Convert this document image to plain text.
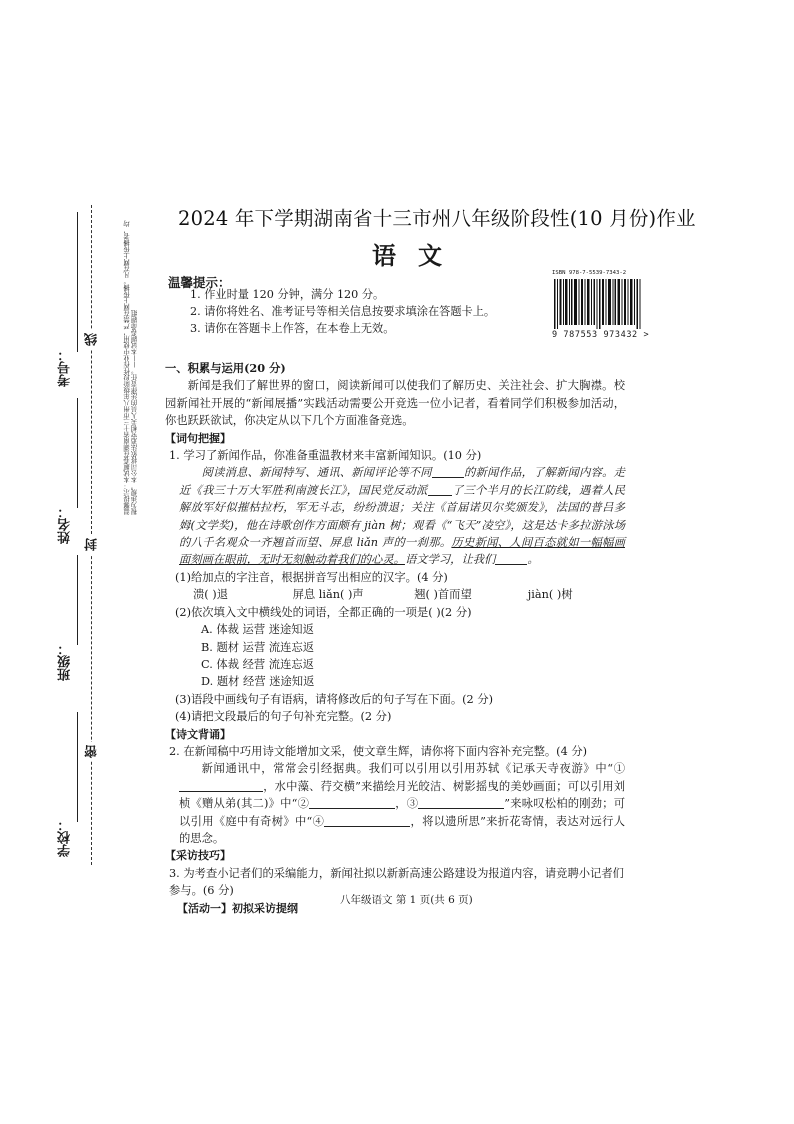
考号：
姓名：
班级：
学校：
线
封
密
温馨提示：本试题卷在湖南省十三市州八年级阶段性作业中使用，严禁在网上传播。凡在网上传播者，均视为违规，本公司将依法追究相关人员的法律责任。——本试题卷命题组
2024 年下学期湖南省十三市州八年级阶段性(10 月份)作业
语文
温馨提示：
1. 作业时量 120 分钟，满分 120 分。
2. 请你将姓名、准考证号等相关信息按要求填涂在答题卡上。
3. 请你在答题卡上作答，在本卷上无效。
ISBN 978-7-5539-7343-2
9 787553 973432 >

一、积累与运用(20 分)

新闻是我们了解世界的窗口，阅读新闻可以使我们了解历史、关注社会、扩大胸襟。校园新闻社开展的“新闻展播”实践活动需要公开竞选一位小记者，看着同学们积极参加活动，你也跃跃欲试，你决定从以下几个方面准备竞选。

【词句把握】

1. 学习了新闻作品，你准备重温教材来丰富新闻知识。(10 分)

阅读消息、新闻特写、通讯、新闻评论等不同	的新闻作品，了解新闻内容。走近《我三十万大军胜利南渡长江》，国民党反动派 了三个半月的长江防线，遇着人民解放军好似摧枯拉朽，军无斗志，纷纷溃退；关注《首届诺贝尔奖颁发》，法国的普吕多姆(文学奖)，他在诗歌创作方面颇有 jiàn 树；观看《“飞天”凌空》，这是达卡多拉游泳场的八千名观众一齐翘首而望、屏息 liǎn 声的一刹那。历史新闻、人间百态就如一幅幅画面刻画在眼前，无时无刻触动着我们的心灵。语文学习，让我们	。

(1)给加点的字注音，根据拼音写出相应的汉字。(4 分)

溃( )退	屏息 liǎn( )声	翘( )首而望	jiàn( )树

(2)依次填入文中横线处的词语，全都正确的一项是( )(2 分)

A. 体裁 运营 迷途知返B. 题材 运营 流连忘返

C. 体裁 经营 流连忘返D. 题材 经营 迷途知返

(3)语段中画线句子有语病，请将修改后的句子写在下面。(2 分)

(4)请把文段最后的句子句补充完整。(2 分)

【诗文背诵】

2. 在新闻稿中巧用诗文能增加文采，使文章生辉，请你将下面内容补充完整。(4 分)

新闻通讯中，常常会引经据典。我们可以引用以引用苏轼《记承天寺夜游》中“①，水中藻、荇交横”来描绘月光皎洁、树影摇曳的美妙画面；可以引用刘桢《赠从弟(其二)》中“②	，③	”来咏叹松柏的刚劲；可以引用《庭中有奇树》中“④	，将以遗所思”来折花寄情，表达对远行人的思念。

【采访技巧】

3. 为考查小记者们的采编能力，新闻社拟以新新高速公路建设为报道内容，请竞聘小记者们参与。(6 分)

【活动一】初拟采访提纲

八年级语文 第 1 页(共 6 页)
